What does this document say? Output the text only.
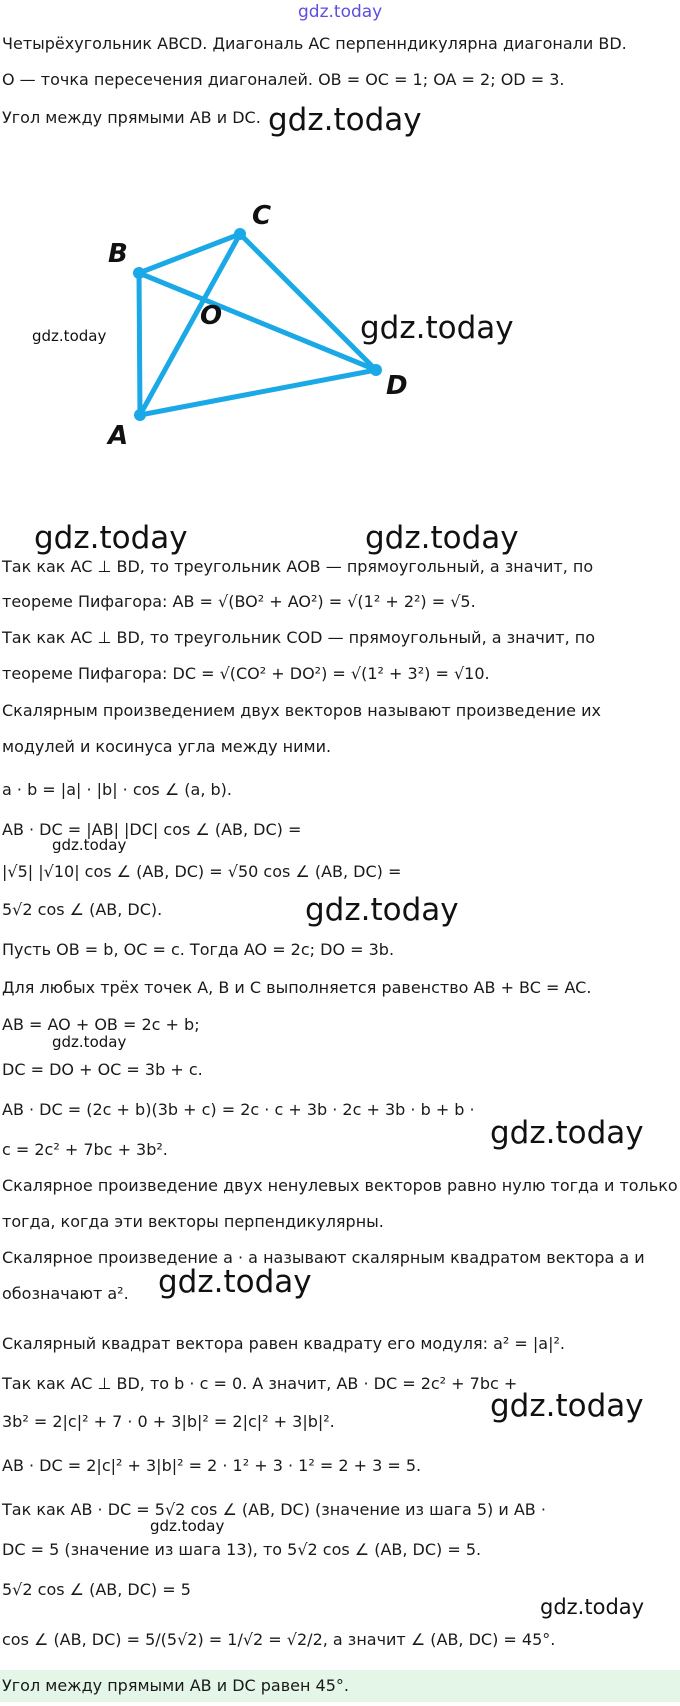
gdz.today
gdz.today
gdz.today	gdz.today
gdz.today	gdz.today
gdz.today
gdz.today
gdz.today
gdz.today
gdz.today
gdz.today
gdz.today
gdz.today
Четырёхугольник ABCD. Диагональ AC перпенндикулярна диагонали BD.
O — точка пересечения диагоналей. OB = OC = 1; OA = 2; OD = 3.
Угол между прямыми AB и DC.
A
B
C
D
O
Так как AC ⊥ BD, то треугольник AOB — прямоугольный, а значит, по
теореме Пифагора: AB = √(BO² + AO²) = √(1² + 2²) = √5.
Так как AC ⊥ BD, то треугольник COD — прямоугольный, а значит, по
теореме Пифагора: DC = √(CO² + DO²) = √(1² + 3²) = √10.
Скалярным произведением двух векторов называют произведение их
модулей и косинуса угла между ними.
a · b = |a| · |b| · cos ∠ (a, b).
AB · DC = |AB| |DC| cos ∠ (AB, DC) =
|√5| |√10| cos ∠ (AB, DC) = √50 cos ∠ (AB, DC) =
5√2 cos ∠ (AB, DC).
Пусть OB = b, OC = c. Тогда AO = 2c; DO = 3b.
Для любых трёх точек A, B и C выполняется равенство AB + BC = AC.
AB = AO + OB = 2c + b;
DC = DO + OC = 3b + c.
AB · DC = (2c + b)(3b + c) = 2c · c + 3b · 2c + 3b · b + b ·
c = 2c² + 7bc + 3b².
Скалярное произведение двух ненулевых векторов равно нулю тогда и только
тогда, когда эти векторы перпендикулярны.
Скалярное произведение a · a называют скалярным квадратом вектора a и
обозначают a².
Скалярный квадрат вектора равен квадрату его модуля: a² = |a|².
Так как AC ⊥ BD, то b · c = 0. А значит, AB · DC = 2c² + 7bc +
3b² = 2|c|² + 7 · 0 + 3|b|² = 2|c|² + 3|b|².
AB · DC = 2|c|² + 3|b|² = 2 · 1² + 3 · 1² = 2 + 3 = 5.
Так как AB · DC = 5√2 cos ∠ (AB, DC) (значение из шага 5) и AB ·
DC = 5 (значение из шага 13), то 5√2 cos ∠ (AB, DC) = 5.
5√2 cos ∠ (AB, DC) = 5
cos ∠ (AB, DC) = 5/(5√2) = 1/√2 = √2/2, а значит ∠ (AB, DC) = 45°.
Угол между прямыми AB и DC равен 45°.
